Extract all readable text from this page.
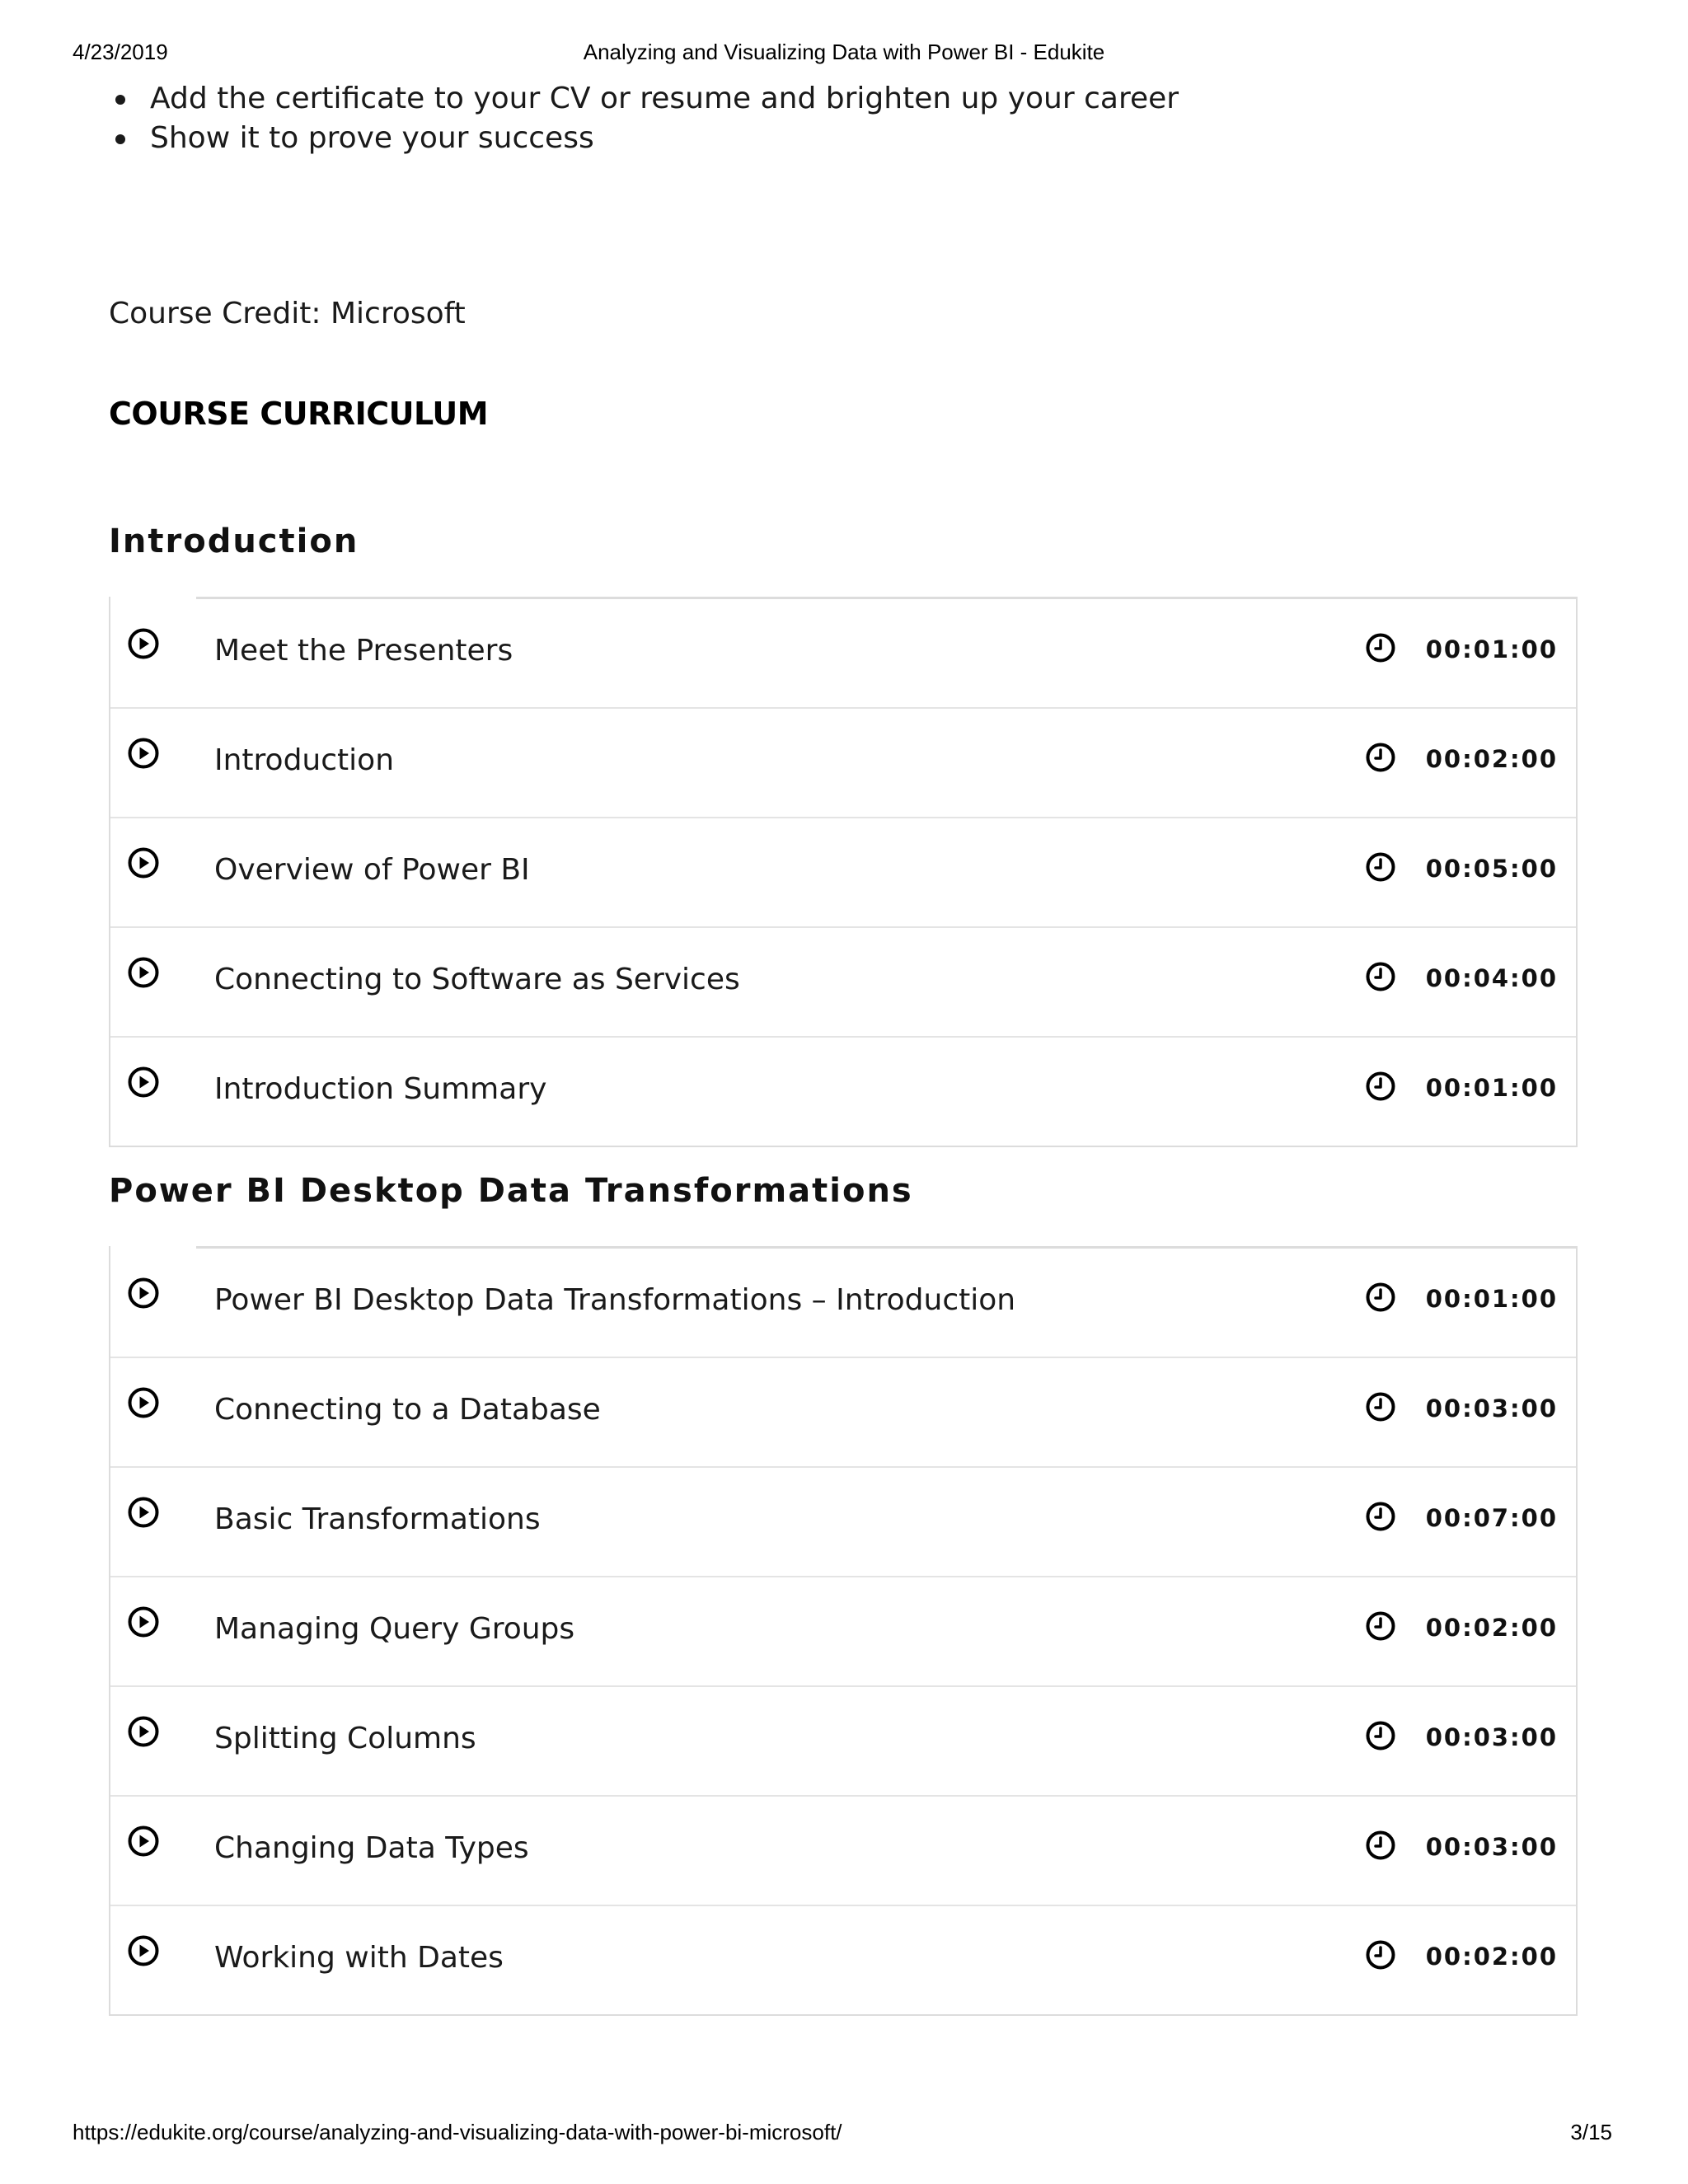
4/23/2019	Analyzing and Visualizing Data with Power BI - Edukite
Add the certificate to your CV or resume and brighten up your career
Show it to prove your success
Course Credit: Microsoft
COURSE CURRICULUM
Introduction
Meet the Presenters	00:01:00
Introduction	00:02:00
Overview of Power BI	00:05:00
Connecting to Software as Services	00:04:00
Introduction Summary	00:01:00
Power BI Desktop Data Transformations
Power BI Desktop Data Transformations – Introduction	00:01:00
Connecting to a Database	00:03:00
Basic Transformations	00:07:00
Managing Query Groups	00:02:00
Splitting Columns	00:03:00
Changing Data Types	00:03:00
Working with Dates	00:02:00
https://edukite.org/course/analyzing-and-visualizing-data-with-power-bi-microsoft/	3/15
